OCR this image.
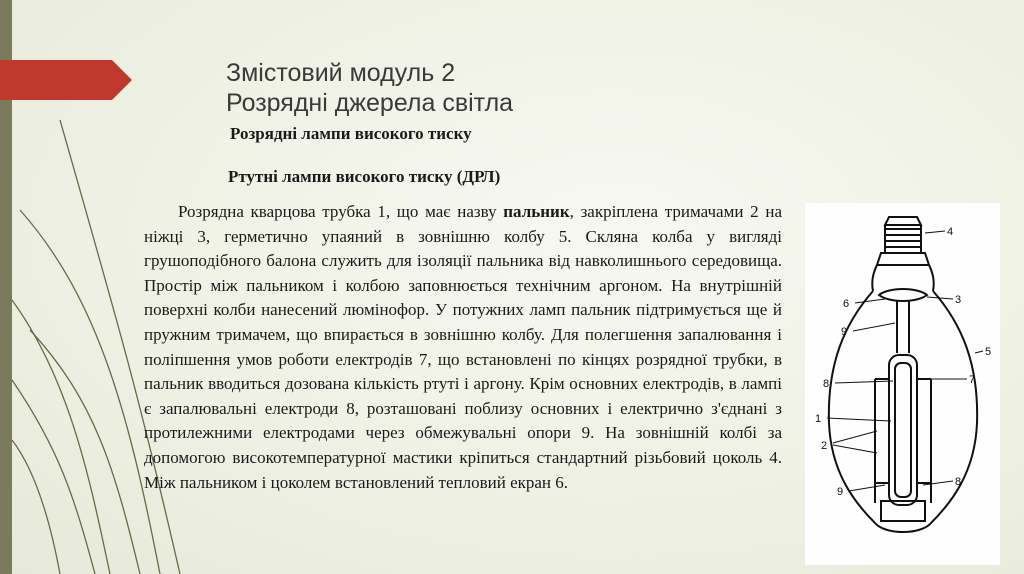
Змістовий модуль 2
Розрядні джерела світла
Розрядні лампи високого тиску
Ртутні лампи високого тиску (ДРЛ)

Розрядна кварцова трубка 1, що має назву пальник, закріплена тримачами 2 на ніжці 3, герметично упаяний в зовнішню колбу 5. Скляна колба у вигляді грушоподібного балона служить для ізоляції пальника від навколишнього середовища. Простір між пальником і колбою заповнюється технічним аргоном. На внутрішній поверхні колби нанесений люмінофор. У потужних ламп пальник підтримується ще й пружним тримачем, що впирається в зовнішню колбу. Для полегшення запалювання і поліпшення умов роботи електродів 7, що встановлені по кінцях розрядної трубки, в пальник вводиться дозована кількість ртуті і аргону. Крім основних електродів, в лампі є запалювальні електроди 8, розташовані поблизу основних і електрично з'єднані з протилежними електродами через обмежувальні опори 9. На зовнішній колбі за допомогою високотемпературної мастики кріпиться стандартний різьбовий цоколь 4. Між пальником і цоколем встановлений тепловий екран 6.

4
6	3
9
5
8	7
1
2
9
8
